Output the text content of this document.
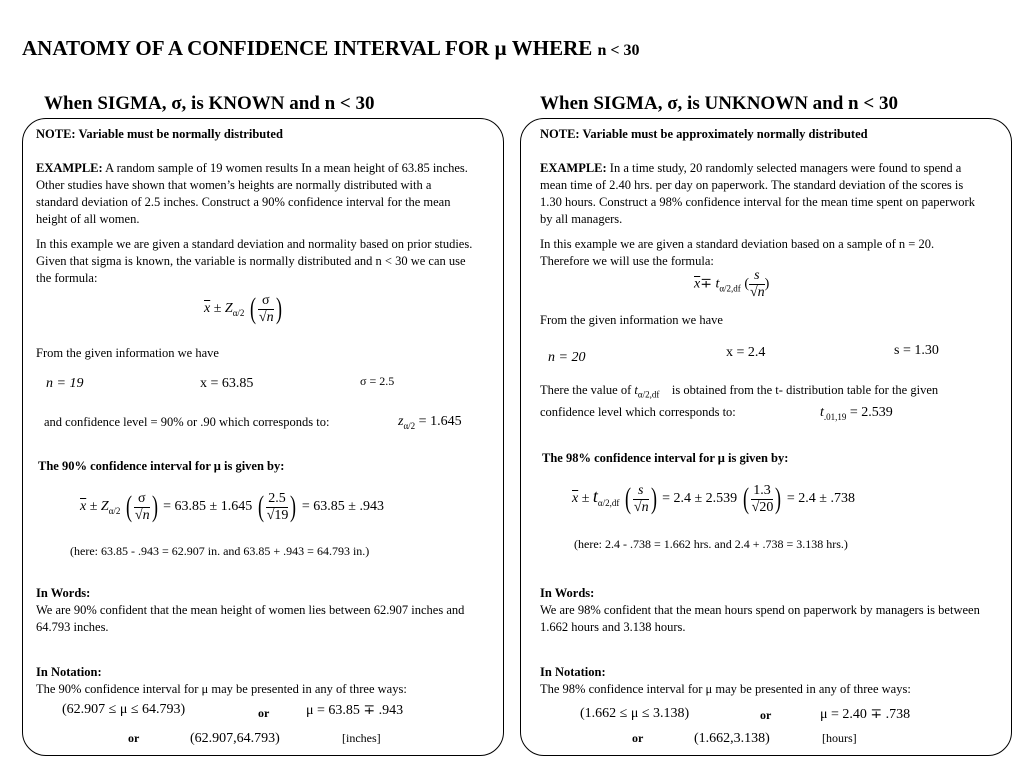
ANATOMY OF A CONFIDENCE INTERVAL FOR μ WHERE n < 30
When SIGMA, σ, is KNOWN and n < 30	When SIGMA, σ, is UNKNOWN and n < 30
NOTE: Variable must be normally distributed
EXAMPLE: A random sample of 19 women results In a mean height of 63.85 inches. Other studies have shown that women’s heights are normally distributed with a standard deviation of 2.5 inches. Construct a 90% confidence interval for the mean height of all women.
In this example we are given a standard deviation and normality based on prior studies. Given that sigma is known, the variable is normally distributed and n < 30 we can use the formula:
$\overline{x} \pm Z_{\alpha/2}$ ( $\frac{\sigma}{√n}$ )
From the given information we have
n = 19	x = 63.85	σ = 2.5
and confidence level = 90% or .90 which corresponds to:	$z_{\alpha/2} = 1.645$
The 90% confidence interval for μ is given by:
$\overline{x} \pm Z_{\alpha/2}$ ( $\frac{\sigma}{√n}$ ) = 63.85 ± 1.645 ( $\frac{2.5}{√19}$ ) = 63.85 ± .943
(here: 63.85 - .943 = 62.907 in. and 63.85 + .943 = 64.793 in.)
In Words:
We are 90% confident that the mean height of women lies between 62.907 inches and 64.793 inches.
In Notation:
The 90% confidence interval for μ may be presented in any of three ways:
(62.907 ≤ μ ≤ 64.793)	or	μ = 63.85 ∓ .943
or	(62.907,64.793)	[inches]
NOTE: Variable must be approximately normally distributed
EXAMPLE: In a time study, 20 randomly selected managers were found to spend a mean time of 2.40 hrs. per day on paperwork. The standard deviation of the scores is 1.30 hours. Construct a 98% confidence interval for the mean time spent on paperwork by all managers.
In this example we are given a standard deviation based on a sample of n = 20. Therefore we will use the formula:
$\overline{x}\mp t_{\alpha/2,df}$ ( $\frac{s}{√n}$ )
From the given information we have
n = 20	x = 2.4	s = 1.30
There the value of $t_{\alpha/2,df}$ is obtained from the t- distribution table for the given confidence level which corresponds to:	$t_{.01,19} = 2.539$
The 98% confidence interval for μ is given by:
$\overline{x} \pm t_{\alpha/2,df}$ ( $\frac{s}{√n}$ ) = 2.4 ± 2.539 ( $\frac{1.3}{√20}$ ) = 2.4 ± .738
(here: 2.4 - .738 = 1.662 hrs. and 2.4 + .738 = 3.138 hrs.)
In Words:
We are 98% confident that the mean hours spend on paperwork by managers is between 1.662 hours and 3.138 hours.
In Notation:
The 98% confidence interval for μ may be presented in any of three ways:
(1.662 ≤ μ ≤ 3.138)	or	μ = 2.40 ∓ .738
or	(1.662,3.138)	[hours]
